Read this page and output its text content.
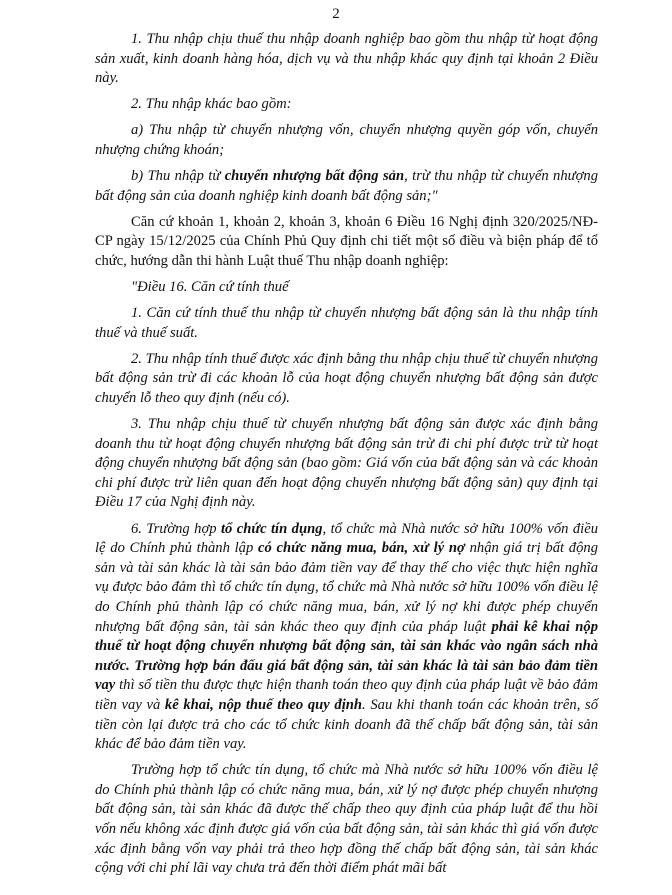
2

1. Thu nhập chịu thuế thu nhập doanh nghiệp bao gồm thu nhập từ hoạt động sản xuất, kinh doanh hàng hóa, dịch vụ và thu nhập khác quy định tại khoản 2 Điều này.

2. Thu nhập khác bao gồm:

a) Thu nhập từ chuyển nhượng vốn, chuyển nhượng quyền góp vốn, chuyển nhượng chứng khoán;

b) Thu nhập từ chuyển nhượng bất động sản, trừ thu nhập từ chuyển nhượng bất động sản của doanh nghiệp kinh doanh bất động sản;"

Căn cứ khoản 1, khoản 2, khoản 3, khoản 6 Điều 16 Nghị định 320/2025/NĐ-CP ngày 15/12/2025 của Chính Phủ Quy định chi tiết một số điều và biện pháp để tổ chức, hướng dẫn thi hành Luật thuế Thu nhập doanh nghiệp:

"Điều 16. Căn cứ tính thuế

1. Căn cứ tính thuế thu nhập từ chuyển nhượng bất động sản là thu nhập tính thuế và thuế suất.

2. Thu nhập tính thuế được xác định bằng thu nhập chịu thuế từ chuyển nhượng bất động sản trừ đi các khoản lỗ của hoạt động chuyển nhượng bất động sản được chuyển lỗ theo quy định (nếu có).

3. Thu nhập chịu thuế từ chuyển nhượng bất động sản được xác định bằng doanh thu từ hoạt động chuyển nhượng bất động sản trừ đi chi phí được trừ từ hoạt động chuyển nhượng bất động sản (bao gồm: Giá vốn của bất động sản và các khoản chi phí được trừ liên quan đến hoạt động chuyển nhượng bất động sản) quy định tại Điều 17 của Nghị định này.

6. Trường hợp tổ chức tín dụng, tổ chức mà Nhà nước sở hữu 100% vốn điều lệ do Chính phủ thành lập có chức năng mua, bán, xử lý nợ nhận giá trị bất động sản và tài sản khác là tài sản bảo đảm tiền vay để thay thế cho việc thực hiện nghĩa vụ được bảo đảm thì tổ chức tín dụng, tổ chức mà Nhà nước sở hữu 100% vốn điều lệ do Chính phủ thành lập có chức năng mua, bán, xử lý nợ khi được phép chuyển nhượng bất động sản, tài sản khác theo quy định của pháp luật phải kê khai nộp thuế từ hoạt động chuyển nhượng bất động sản, tài sản khác vào ngân sách nhà nước. Trường hợp bán đấu giá bất động sản, tài sản khác là tài sản bảo đảm tiền vay thì số tiền thu được thực hiện thanh toán theo quy định của pháp luật về bảo đảm tiền vay và kê khai, nộp thuế theo quy định. Sau khi thanh toán các khoản trên, số tiền còn lại được trả cho các tổ chức kinh doanh đã thế chấp bất động sản, tài sản khác để bảo đảm tiền vay.

Trường hợp tổ chức tín dụng, tổ chức mà Nhà nước sở hữu 100% vốn điều lệ do Chính phủ thành lập có chức năng mua, bán, xử lý nợ được phép chuyển nhượng bất động sản, tài sản khác đã được thế chấp theo quy định của pháp luật để thu hồi vốn nếu không xác định được giá vốn của bất động sản, tài sản khác thì giá vốn được xác định bằng vốn vay phải trả theo hợp đồng thế chấp bất động sản, tài sản khác cộng với chi phí lãi vay chưa trả đến thời điểm phát mãi bất
